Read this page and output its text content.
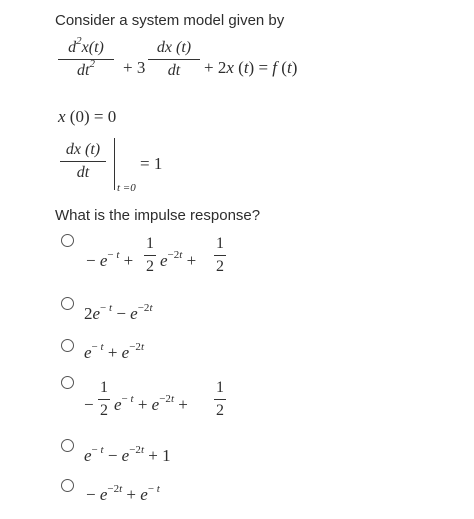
Consider a system model given by
$d^2x(t)$
$dt^2$	+ 3
dx (t)
dt	+ 2x (t) = f (t)
x (0) = 0
dx (t)
dt	= 1
t =0
What is the impulse response?
− $e^{- t}$ +
1
2 $e^{-2t}$ +
1
2
$2e^{- t} - e^{-2t}$
$e^{- t} + e^{-2t}$
−
1
2 $e^{- t} + e^{-2t}$ +
1
2
$e^{- t} - e^{-2t} + 1$
− $e^{-2t} + e^{- t}$
